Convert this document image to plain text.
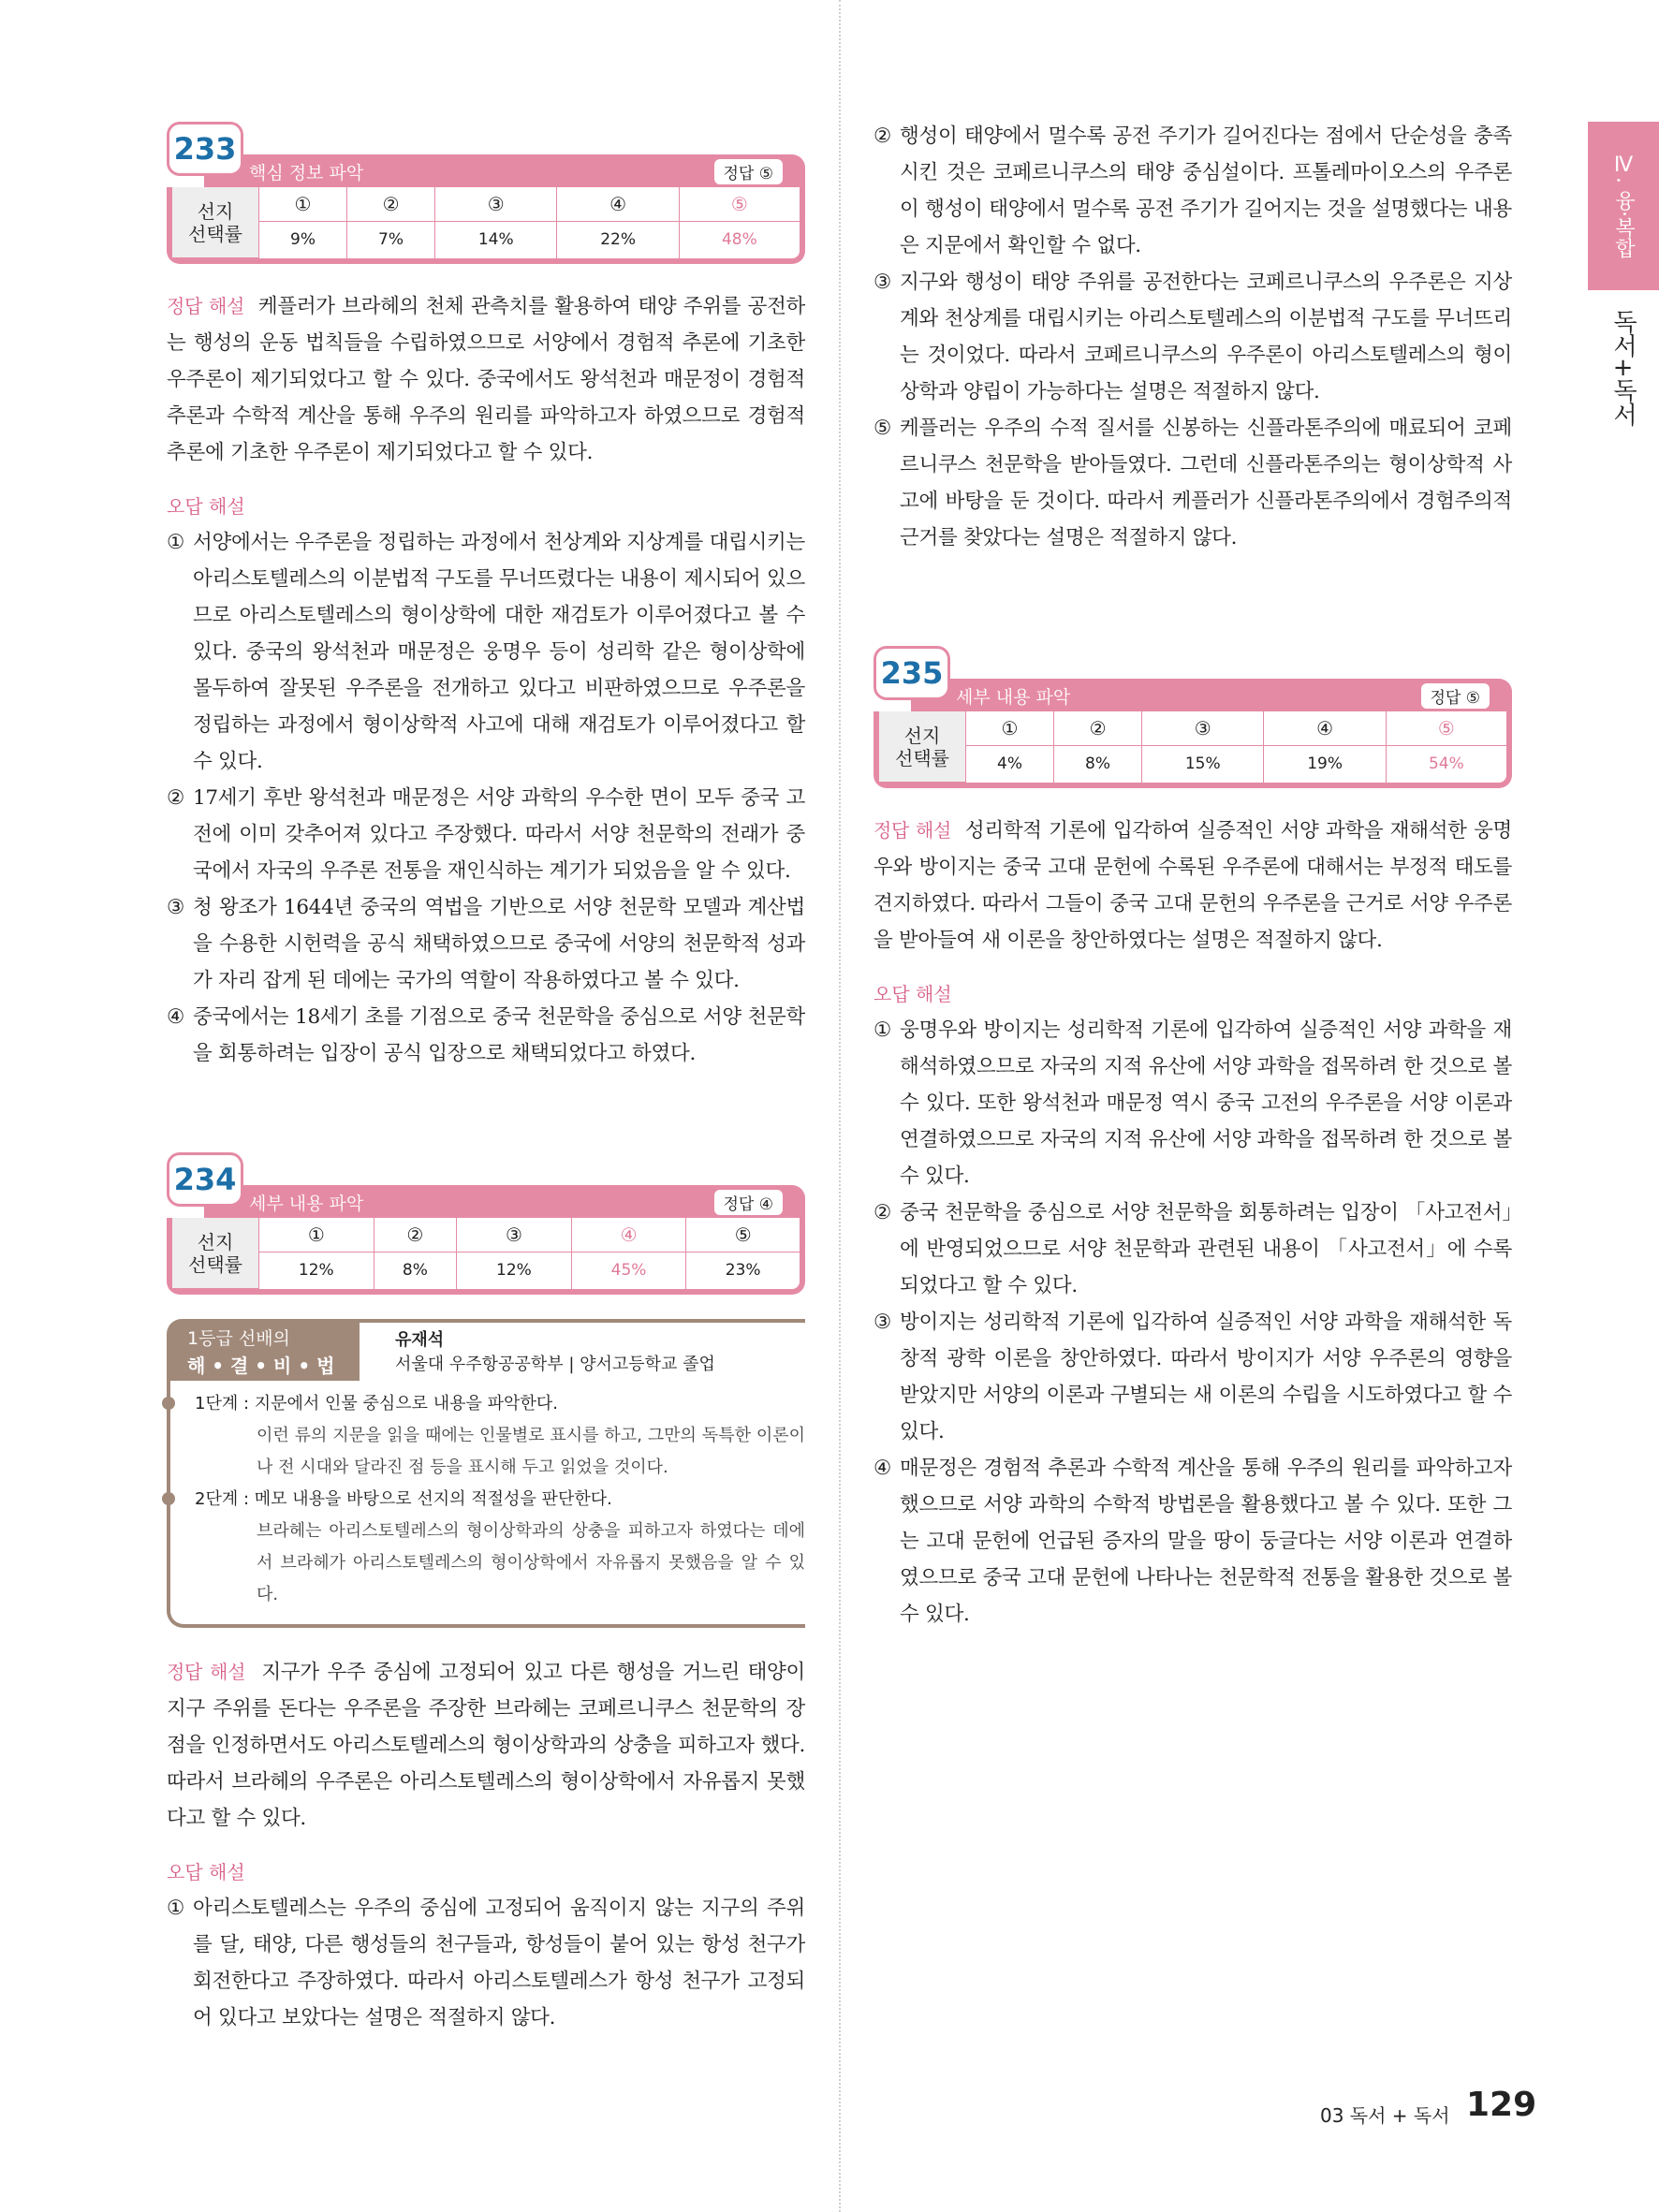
233
핵심 정보 파악	정답 ⑤
선지
선택률	①	②	③	④	⑤
	9%	7%	14%	22%	48%

정답 해설 케플러가 브라헤의 천체 관측치를 활용하여 태양 주위를 공전하는 행성의 운동 법칙들을 수립하였으므로 서양에서 경험적 추론에 기초한 우주론이 제기되었다고 할 수 있다. 중국에서도 왕석천과 매문정이 경험적 추론과 수학적 계산을 통해 우주의 원리를 파악하고자 하였으므로 경험적 추론에 기초한 우주론이 제기되었다고 할 수 있다.

오답 해설
① 서양에서는 우주론을 정립하는 과정에서 천상계와 지상계를 대립시키는 아리스토텔레스의 이분법적 구도를 무너뜨렸다는 내용이 제시되어 있으므로 아리스토텔레스의 형이상학에 대한 재검토가 이루어졌다고 볼 수 있다. 중국의 왕석천과 매문정은 웅명우 등이 성리학 같은 형이상학에 몰두하여 잘못된 우주론을 전개하고 있다고 비판하였으므로 우주론을 정립하는 과정에서 형이상학적 사고에 대해 재검토가 이루어졌다고 할 수 있다.
② 17세기 후반 왕석천과 매문정은 서양 과학의 우수한 면이 모두 중국 고전에 이미 갖추어져 있다고 주장했다. 따라서 서양 천문학의 전래가 중국에서 자국의 우주론 전통을 재인식하는 계기가 되었음을 알 수 있다.
③ 청 왕조가 1644년 중국의 역법을 기반으로 서양 천문학 모델과 계산법을 수용한 시헌력을 공식 채택하였으므로 중국에 서양의 천문학적 성과가 자리 잡게 된 데에는 국가의 역할이 작용하였다고 볼 수 있다.
④ 중국에서는 18세기 초를 기점으로 중국 천문학을 중심으로 서양 천문학을 회통하려는 입장이 공식 입장으로 채택되었다고 하였다.
234
세부 내용 파악	정답 ④
선지
선택률	①	②	③	④	⑤
	12%	8%	12%	45%	23%
1등급 선배의
해 • 결 • 비 • 법
유재석
서울대 우주항공공학부 | 양서고등학교 졸업
1단계 : 지문에서 인물 중심으로 내용을 파악한다.
이런 류의 지문을 읽을 때에는 인물별로 표시를 하고, 그만의 독특한 이론이나 전 시대와 달라진 점 등을 표시해 두고 읽었을 것이다.
2단계 : 메모 내용을 바탕으로 선지의 적절성을 판단한다.
브라헤는 아리스토텔레스의 형이상학과의 상충을 피하고자 하였다는 데에서 브라헤가 아리스토텔레스의 형이상학에서 자유롭지 못했음을 알 수 있다.

정답 해설 지구가 우주 중심에 고정되어 있고 다른 행성을 거느린 태양이 지구 주위를 돈다는 우주론을 주장한 브라헤는 코페르니쿠스 천문학의 장점을 인정하면서도 아리스토텔레스의 형이상학과의 상충을 피하고자 했다. 따라서 브라헤의 우주론은 아리스토텔레스의 형이상학에서 자유롭지 못했다고 할 수 있다.

오답 해설
① 아리스토텔레스는 우주의 중심에 고정되어 움직이지 않는 지구의 주위를 달, 태양, 다른 행성들의 천구들과, 항성들이 붙어 있는 항성 천구가 회전한다고 주장하였다. 따라서 아리스토텔레스가 항성 천구가 고정되어 있다고 보았다는 설명은 적절하지 않다.
② 행성이 태양에서 멀수록 공전 주기가 길어진다는 점에서 단순성을 충족시킨 것은 코페르니쿠스의 태양 중심설이다. 프톨레마이오스의 우주론이 행성이 태양에서 멀수록 공전 주기가 길어지는 것을 설명했다는 내용은 지문에서 확인할 수 없다.
③ 지구와 행성이 태양 주위를 공전한다는 코페르니쿠스의 우주론은 지상계와 천상계를 대립시키는 아리스토텔레스의 이분법적 구도를 무너뜨리는 것이었다. 따라서 코페르니쿠스의 우주론이 아리스토텔레스의 형이상학과 양립이 가능하다는 설명은 적절하지 않다.
⑤ 케플러는 우주의 수적 질서를 신봉하는 신플라톤주의에 매료되어 코페르니쿠스 천문학을 받아들였다. 그런데 신플라톤주의는 형이상학적 사고에 바탕을 둔 것이다. 따라서 케플러가 신플라톤주의에서 경험주의적 근거를 찾았다는 설명은 적절하지 않다.
235
세부 내용 파악	정답 ⑤
선지
선택률	①	②	③	④	⑤
	4%	8%	15%	19%	54%

정답 해설 성리학적 기론에 입각하여 실증적인 서양 과학을 재해석한 웅명우와 방이지는 중국 고대 문헌에 수록된 우주론에 대해서는 부정적 태도를 견지하였다. 따라서 그들이 중국 고대 문헌의 우주론을 근거로 서양 우주론을 받아들여 새 이론을 창안하였다는 설명은 적절하지 않다.

오답 해설
① 웅명우와 방이지는 성리학적 기론에 입각하여 실증적인 서양 과학을 재해석하였으므로 자국의 지적 유산에 서양 과학을 접목하려 한 것으로 볼 수 있다. 또한 왕석천과 매문정 역시 중국 고전의 우주론을 서양 이론과 연결하였으므로 자국의 지적 유산에 서양 과학을 접목하려 한 것으로 볼 수 있다.
② 중국 천문학을 중심으로 서양 천문학을 회통하려는 입장이 「사고전서」에 반영되었으므로 서양 천문학과 관련된 내용이 「사고전서」에 수록되었다고 할 수 있다.
③ 방이지는 성리학적 기론에 입각하여 실증적인 서양 과학을 재해석한 독창적 광학 이론을 창안하였다. 따라서 방이지가 서양 우주론의 영향을 받았지만 서양의 이론과 구별되는 새 이론의 수립을 시도하였다고 할 수 있다.
④ 매문정은 경험적 추론과 수학적 계산을 통해 우주의 원리를 파악하고자 했으므로 서양 과학의 수학적 방법론을 활용했다고 볼 수 있다. 또한 그는 고대 문헌에 언급된 증자의 말을 땅이 둥글다는 서양 이론과 연결하였으므로 중국 고대 문헌에 나타나는 천문학적 전통을 활용한 것으로 볼 수 있다.
Ⅳ. 융·복합
독서+독서
03 독서 + 독서 129
